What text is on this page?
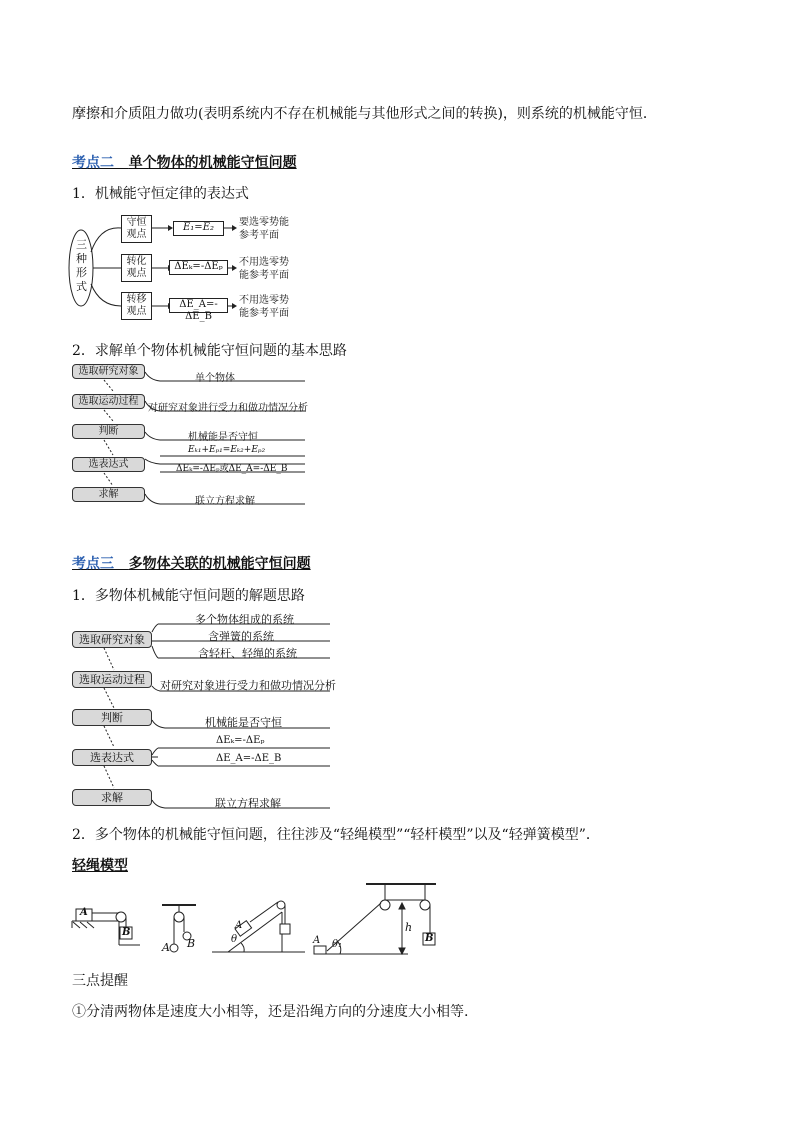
摩擦和介质阻力做功(表明系统内不存在机械能与其他形式之间的转换)，则系统的机械能守恒．
考点二 单个物体的机械能守恒问题
1．机械能守恒定律的表达式
三种形式
守恒
观点
E₁=E₂	要选零势能
参考平面
转化
观点
ΔEₖ=-ΔEₚ	不用选零势
能参考平面
转移
观点
ΔE_A=-ΔE_B
不用选零势
能参考平面
2．求解单个物体机械能守恒问题的基本思路
选取研究对象
单个物体
选取运动过程
对研究对象进行受力和做功情况分析
判断
机械能是否守恒
选表达式
Eₖ₁+Eₚ₁=Eₖ₂+Eₚ₂
ΔEₖ=-ΔEₚ或ΔE_A=-ΔE_B
求解
联立方程求解
考点三 多物体关联的机械能守恒问题
1．多物体机械能守恒问题的解题思路
选取研究对象
多个物体组成的系统
含弹簧的系统
含轻杆、轻绳的系统
选取运动过程	对研究对象进行受力和做功情况分析
判断	机械能是否守恒
选表达式
ΔEₖ=-ΔEₚ
ΔE_A=-ΔE_B
求解	联立方程求解
2．多个物体的机械能守恒问题，往往涉及“轻绳模型”“轻杆模型”以及“轻弹簧模型”．
轻绳模型
A
B
A B
A
θ	A θ₁
h
B
三点提醒
①分清两物体是速度大小相等，还是沿绳方向的分速度大小相等.
